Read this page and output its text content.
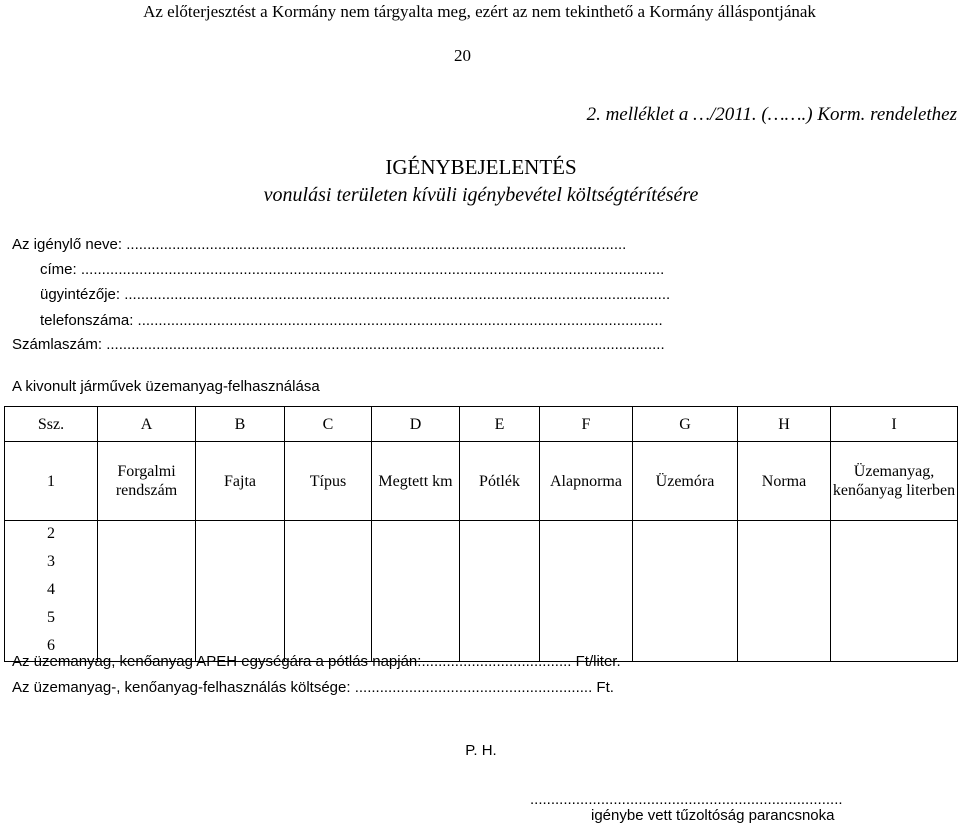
Az előterjesztést a Kormány nem tárgyalta meg, ezért az nem tekinthető a Kormány álláspontjának
20
2. melléklet a …/2011. (…….) Korm. rendelethez
IGÉNYBEJELENTÉS
vonulási területen kívüli igénybevétel költségtérítésére
Az igénylő neve: ........................................................................................................................
címe: ............................................................................................................................................
ügyintézője: ...................................................................................................................................
telefonszáma: ..............................................................................................................................
Számlaszám: ......................................................................................................................................
A kivonult járművek üzemanyag-felhasználása
Ssz.	A	B	C	D	E	F	G	H	I
1	Forgalmi rendszám	Fajta	Típus	Megtett km	Pótlék	Alapnorma	Üzemóra	Norma	Üzemanyag, kenőanyag literben
2									
3									
4									
5									
6									
Az üzemanyag, kenőanyag APEH egységára a pótlás napján:.................................... Ft/liter.
Az üzemanyag-, kenőanyag-felhasználás költsége: ......................................................... Ft.
P. H.
...........................................................................
igénybe vett tűzoltóság parancsnoka
